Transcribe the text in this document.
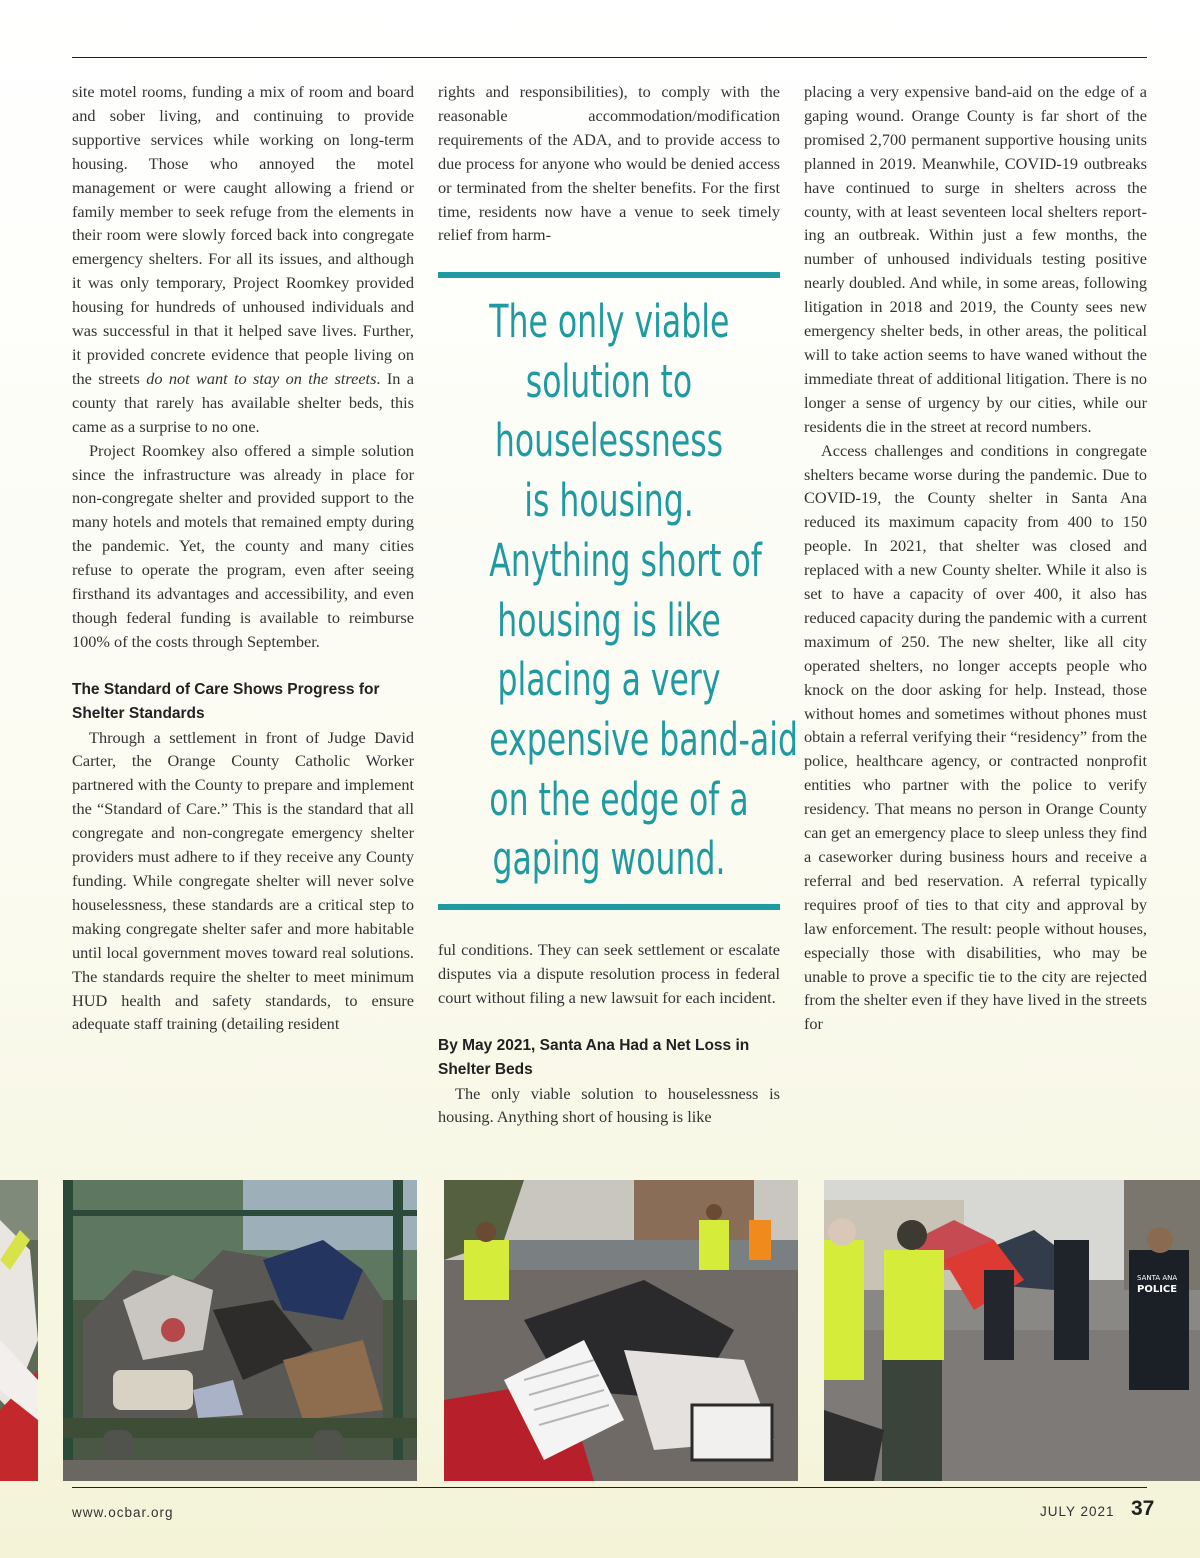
site motel rooms, funding a mix of room and board and sober living, and continuing to provide supportive services while working on long-term housing. Those who annoyed the motel management or were caught allowing a friend or family member to seek refuge from the elements in their room were slowly forced back into congregate emergency shelters. For all its issues, and although it was only temporary, Project Roomkey provided housing for hundreds of unhoused individuals and was successful in that it helped save lives. Further, it provided concrete evidence that people living on the streets do not want to stay on the streets. In a county that rarely has available shelter beds, this came as a surprise to no one.

Project Roomkey also offered a simple solution since the infrastructure was already in place for non-congregate shelter and provided support to the many hotels and motels that remained empty during the pandemic. Yet, the county and many cities refuse to operate the program, even after seeing firsthand its advantages and accessibility, and even though federal funding is available to reimburse 100% of the costs through September.

The Standard of Care Shows Progress for Shelter Standards

Through a settlement in front of Judge David Carter, the Orange County Catholic Worker partnered with the County to prepare and implement the “Standard of Care.” This is the standard that all congregate and non-congregate emergency shelter providers must adhere to if they receive any County funding. While congregate shelter will never solve houselessness, these standards are a critical step to making congregate shelter safer and more habitable until local government moves toward real solutions. The standards require the shelter to meet minimum HUD health and safety standards, to ensure adequate staff training (detailing resident

rights and responsibilities), to comply with the reasonable accommodation/modification requirements of the ADA, and to provide access to due process for anyone who would be denied access or terminated from the shelter benefits. For the first time, residents now have a venue to seek timely relief from harm-

The only viable
solution to
houselessness
is housing.
Anything short of
housing is like
placing a very
expensive band-aid
on the edge of a
gaping wound.

ful conditions. They can seek settlement or escalate disputes via a dispute resolution process in federal court without filing a new lawsuit for each incident.

By May 2021, Santa Ana Had a Net Loss in Shelter Beds

The only viable solution to houselessness is housing. Anything short of housing is like

placing a very expensive band-aid on the edge of a gaping wound. Orange County is far short of the promised 2,700 permanent supportive housing units planned in 2019. Meanwhile, COVID-19 outbreaks have continued to surge in shelters across the county, with at least seventeen local shelters reporting an outbreak. Within just a few months, the number of unhoused individuals testing positive nearly doubled. And while, in some areas, following litigation in 2018 and 2019, the County sees new emergency shelter beds, in other areas, the political will to take action seems to have waned without the immediate threat of additional litigation. There is no longer a sense of urgency by our cities, while our residents die in the street at record numbers.

Access challenges and conditions in congregate shelters became worse during the pandemic. Due to COVID-19, the County shelter in Santa Ana reduced its maximum capacity from 400 to 150 people. In 2021, that shelter was closed and replaced with a new County shelter. While it also is set to have a capacity of over 400, it also has reduced capacity during the pandemic with a current maximum of 250. The new shelter, like all city operated shelters, no longer accepts people who knock on the door asking for help. Instead, those without homes and sometimes without phones must obtain a referral verifying their “residency” from the police, healthcare agency, or contracted nonprofit entities who partner with the police to verify residency. That means no person in Orange County can get an emergency place to sleep unless they find a caseworker during business hours and receive a referral and bed reservation. A referral typically requires proof of ties to that city and approval by law enforcement. The result: people without houses, especially those with disabilities, who may be unable to prove a specific tie to the city are rejected from the shelter even if they have lived in the streets for

SANTA ANA
POLICE
www.ocbar.org	JULY 2021 37
